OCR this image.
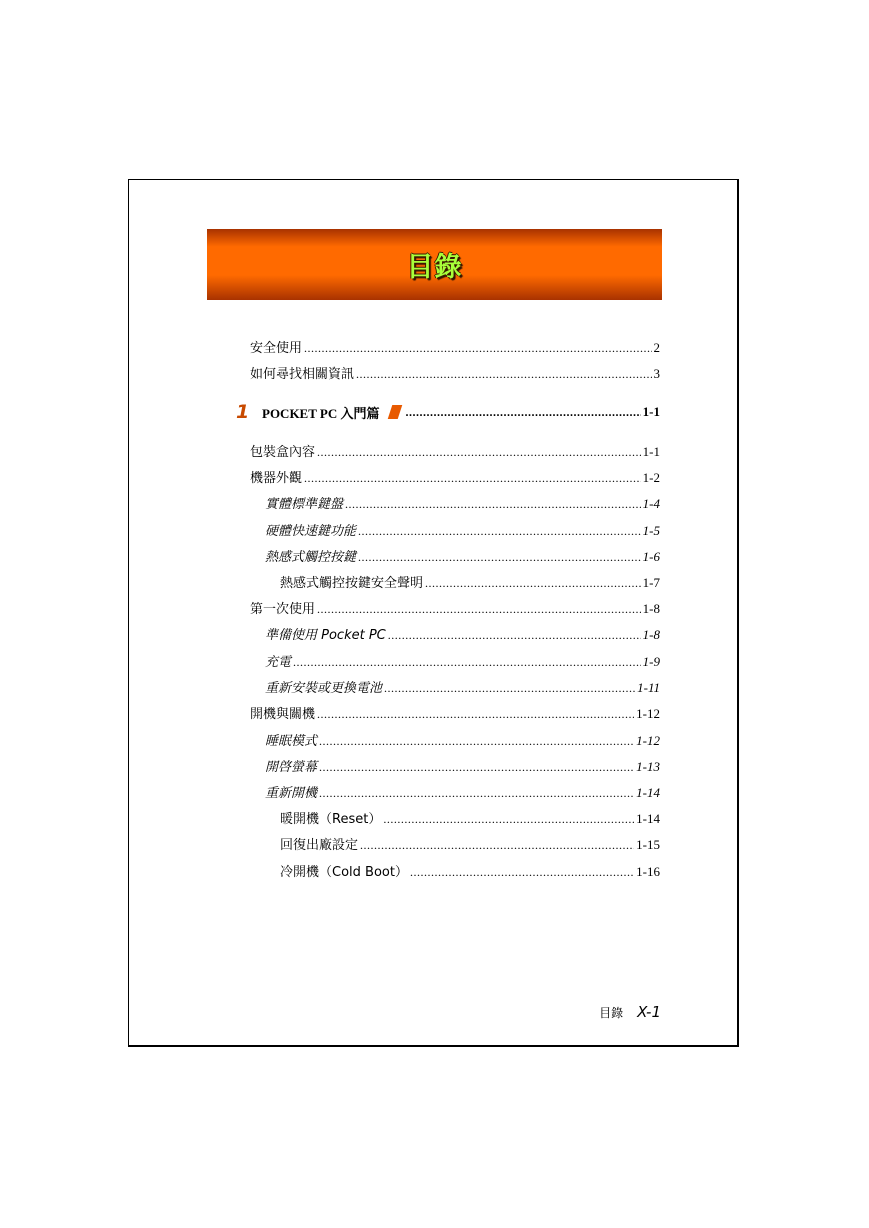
目錄
安全使用 .....	2
如何尋找相關資訊 .....	3
1 POCKET PC 入門篇 .....	1-1
包裝盒內容 .....	1-1
機器外觀 .....	1-2
實體標準鍵盤 .....	1-4
硬體快速鍵功能 .....	1-5
熱感式觸控按鍵 .....	1-6
熱感式觸控按鍵安全聲明 .....	1-7
第一次使用 .....	1-8
準備使用 Pocket PC .....	1-8
充電 .....	1-9
重新安裝或更換電池 .....	1-11
開機與關機 .....	1-12
睡眠模式 .....	1-12
開啓螢幕 .....	1-13
重新開機 .....	1-14
暖開機（Reset） .....	1-14
回復出廠設定 .....	1-15
冷開機（Cold Boot） .....	1-16
目錄 X-1
